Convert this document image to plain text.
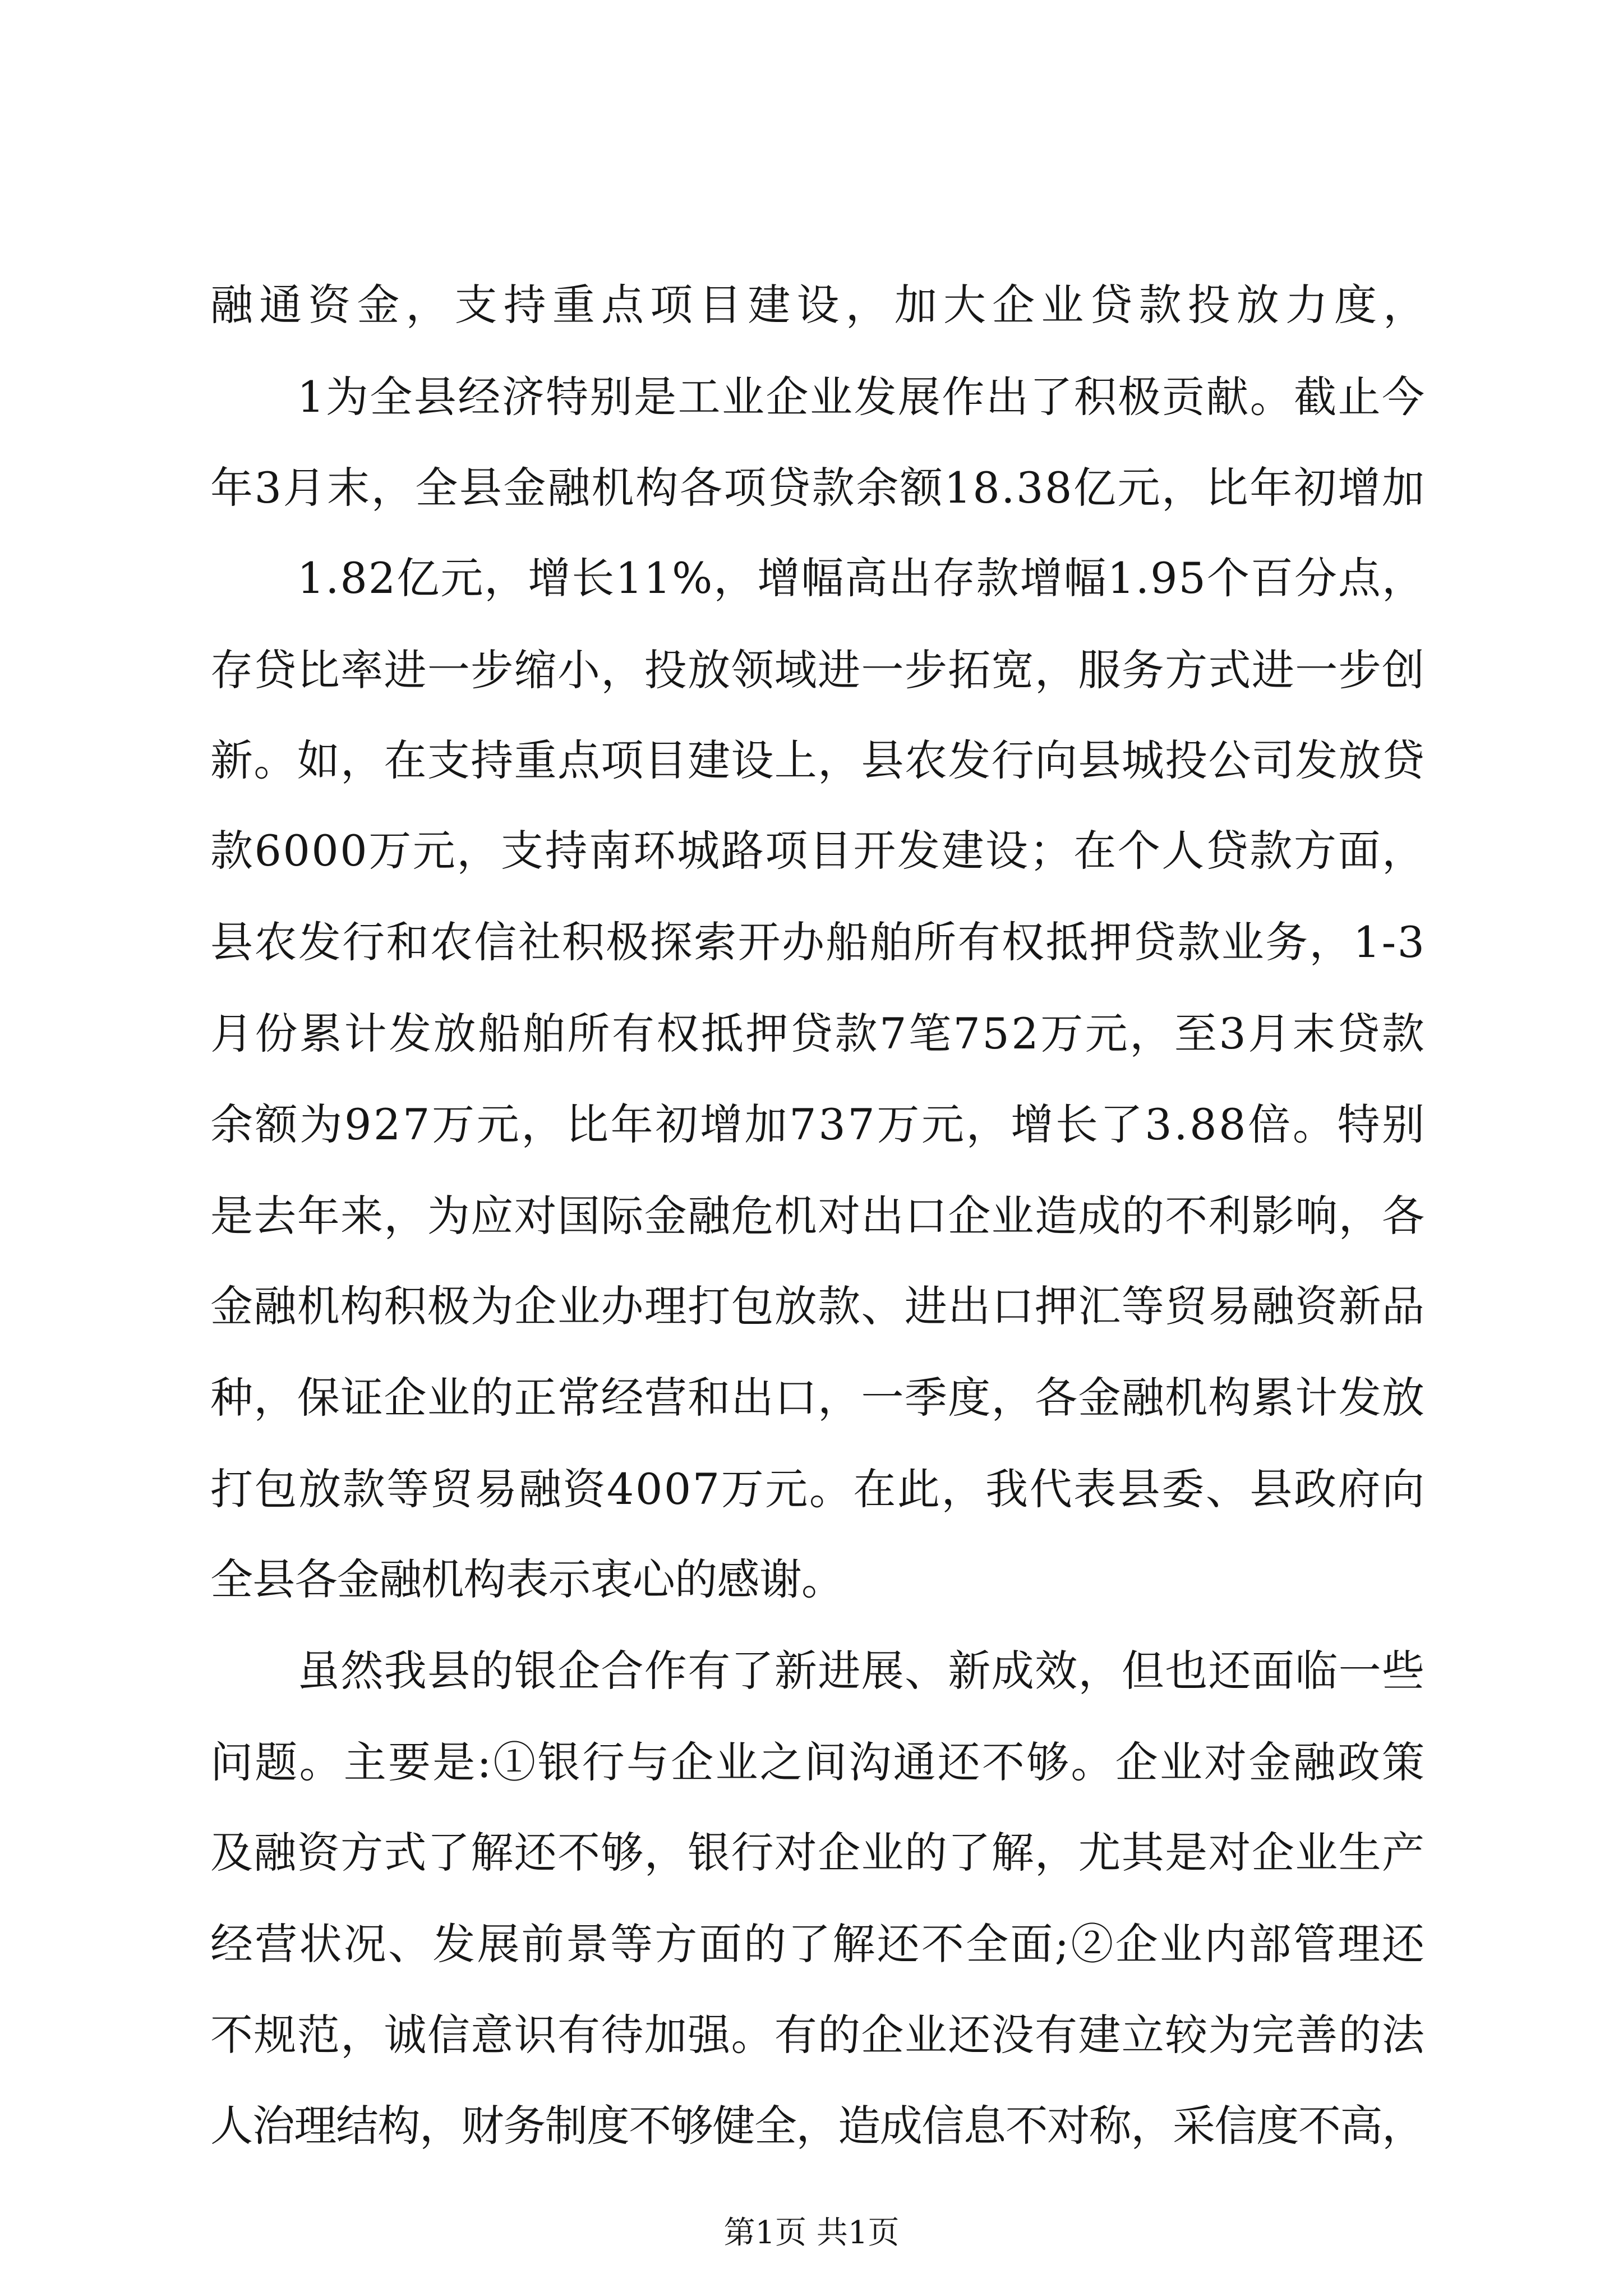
融通资金，支持重点项目建设，加大企业贷款投放力度，

1为全县经济特别是工业企业发展作出了积极贡献。截止今

年3月末，全县金融机构各项贷款余额18.38亿元，比年初增加

1.82亿元，增长11%，增幅高出存款增幅1.95个百分点，

存贷比率进一步缩小，投放领域进一步拓宽，服务方式进一步创

新。如，在支持重点项目建设上，县农发行向县城投公司发放贷

款6000万元，支持南环城路项目开发建设；在个人贷款方面，

县农发行和农信社积极探索开办船舶所有权抵押贷款业务，1-3

月份累计发放船舶所有权抵押贷款7笔752万元，至3月末贷款

余额为927万元，比年初增加737万元，增长了3.88倍。特别

是去年来，为应对国际金融危机对出口企业造成的不利影响，各

金融机构积极为企业办理打包放款、进出口押汇等贸易融资新品

种，保证企业的正常经营和出口，一季度，各金融机构累计发放

打包放款等贸易融资4007万元。在此，我代表县委、县政府向

全县各金融机构表示衷心的感谢。

虽然我县的银企合作有了新进展、新成效，但也还面临一些

问题。主要是:①银行与企业之间沟通还不够。企业对金融政策

及融资方式了解还不够，银行对企业的了解，尤其是对企业生产

经营状况、发展前景等方面的了解还不全面;②企业内部管理还

不规范，诚信意识有待加强。有的企业还没有建立较为完善的法

人治理结构，财务制度不够健全，造成信息不对称，采信度不高，

第1页 共1页
